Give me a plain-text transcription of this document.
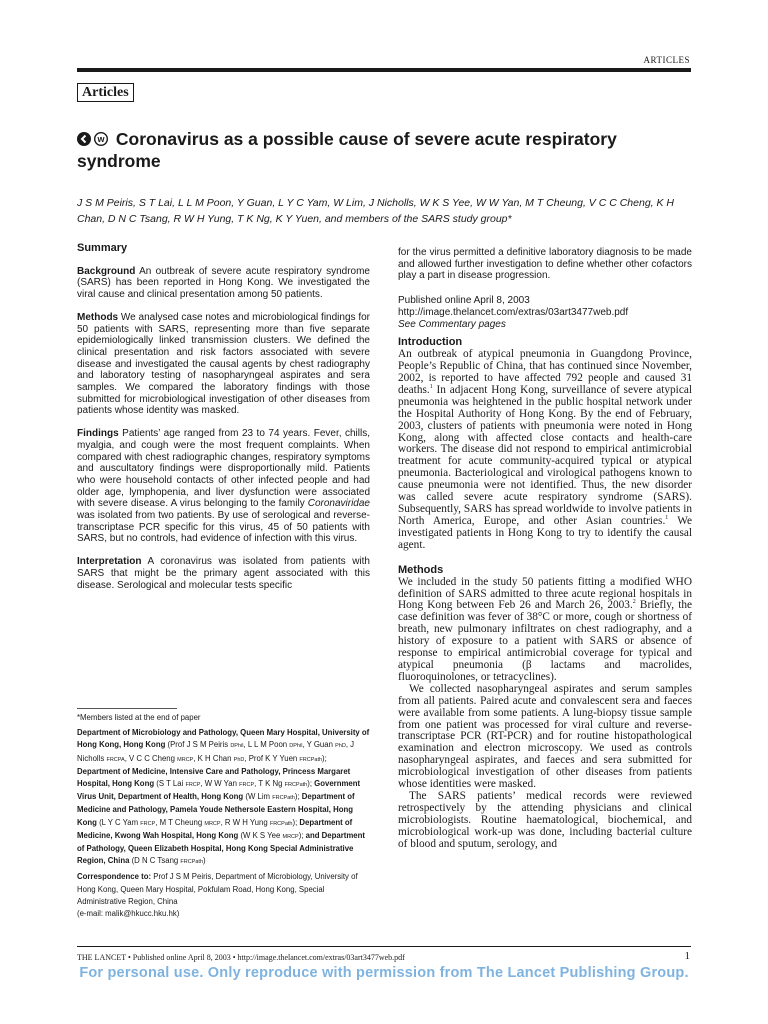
ARTICLES
Articles
w Coronavirus as a possible cause of severe acute respiratory syndrome
J S M Peiris, S T Lai, L L M Poon, Y Guan, L Y C Yam, W Lim, J Nicholls, W K S Yee, W W Yan, M T Cheung, V C C Cheng, K H Chan, D N C Tsang, R W H Yung, T K Ng, K Y Yuen, and members of the SARS study group*
Summary

Background An outbreak of severe acute respiratory syndrome (SARS) has been reported in Hong Kong. We investigated the viral cause and clinical presentation among 50 patients.

Methods We analysed case notes and microbiological findings for 50 patients with SARS, representing more than five separate epidemiologically linked transmission clusters. We defined the clinical presentation and risk factors associated with severe disease and investigated the causal agents by chest radiography and laboratory testing of nasopharyngeal aspirates and sera samples. We compared the laboratory findings with those submitted for microbiological investigation of other diseases from patients whose identity was masked.

Findings Patients’ age ranged from 23 to 74 years. Fever, chills, myalgia, and cough were the most frequent complaints. When compared with chest radiographic changes, respiratory symptoms and auscultatory findings were disproportionally mild. Patients who were household contacts of other infected people and had older age, lymphopenia, and liver dysfunction were associated with severe disease. A virus belonging to the family Coronaviridae was isolated from two patients. By use of serological and reverse-transcriptase PCR specific for this virus, 45 of 50 patients with SARS, but no controls, had evidence of infection with this virus.

Interpretation A coronavirus was isolated from patients with SARS that might be the primary agent associated with this disease. Serological and molecular tests specific

for the virus permitted a definitive laboratory diagnosis to be made and allowed further investigation to define whether other cofactors play a part in disease progression.

Published online April 8, 2003

http://image.thelancet.com/extras/03art3477web.pdf

See Commentary pages

Introduction

An outbreak of atypical pneumonia in Guangdong Province, People’s Republic of China, that has continued since November, 2002, is reported to have affected 792 people and caused 31 deaths.$^1$ In adjacent Hong Kong, surveillance of severe atypical pneumonia was heightened in the public hospital network under the Hospital Authority of Hong Kong. By the end of February, 2003, clusters of patients with pneumonia were noted in Hong Kong, along with affected close contacts and health-care workers. The disease did not respond to empirical antimicrobial treatment for acute community-acquired typical or atypical pneumonia. Bacteriological and virological pathogens known to cause pneumonia were not identified. Thus, the new disorder was called severe acute respiratory syndrome (SARS). Subsequently, SARS has spread worldwide to involve patients in North America, Europe, and other Asian countries.$^1$ We investigated patients in Hong Kong to try to identify the causal agent.

Methods

We included in the study 50 patients fitting a modified WHO definition of SARS admitted to three acute regional hospitals in Hong Kong between Feb 26 and March 26, 2003.$^2$ Briefly, the case definition was fever of 38°C or more, cough or shortness of breath, new pulmonary infiltrates on chest radiography, and a history of exposure to a patient with SARS or absence of response to empirical antimicrobial coverage for typical and atypical pneumonia (β lactams and macrolides, fluoroquinolones, or tetracyclines).

We collected nasopharyngeal aspirates and serum samples from all patients. Paired acute and convalescent sera and faeces were available from some patients. A lung-biopsy tissue sample from one patient was processed for viral culture and reverse-transcriptase PCR (RT-PCR) and for routine histopathological examination and electron microscopy. We used as controls nasopharyngeal aspirates, and faeces and sera submitted for microbiological investigation of other diseases from patients whose identities were masked.

The SARS patients’ medical records were reviewed retrospectively by the attending physicians and clinical microbiologists. Routine haematological, biochemical, and microbiological work-up was done, including bacterial culture of blood and sputum, serology, and

*Members listed at the end of paper

Department of Microbiology and Pathology, Queen Mary Hospital, University of Hong Kong, Hong Kong (Prof J S M Peiris DPhil, L L M Poon DPhil, Y Guan PhD, J Nicholls FRCPA, V C C Cheng MRCP, K H Chan PhD, Prof K Y Yuen FRCPath); Department of Medicine, Intensive Care and Pathology, Princess Margaret Hospital, Hong Kong (S T Lai FRCP, W W Yan FRCP, T K Ng FRCPath); Government Virus Unit, Department of Health, Hong Kong (W Lim FRCPath); Department of Medicine and Pathology, Pamela Youde Nethersole Eastern Hospital, Hong Kong (L Y C Yam FRCP, M T Cheung MRCP, R W H Yung FRCPath); Department of Medicine, Kwong Wah Hospital, Hong Kong (W K S Yee MRCP); and Department of Pathology, Queen Elizabeth Hospital, Hong Kong Special Administrative Region, China (D N C Tsang FRCPath)

Correspondence to: Prof J S M Peiris, Department of Microbiology, University of Hong Kong, Queen Mary Hospital, Pokfulam Road, Hong Kong, Special Administrative Region, China

(e-mail: malik@hkucc.hku.hk)

THE LANCET • Published online April 8, 2003 • http://image.thelancet.com/extras/03art3477web.pdf	1
For personal use. Only reproduce with permission from The Lancet Publishing Group.
